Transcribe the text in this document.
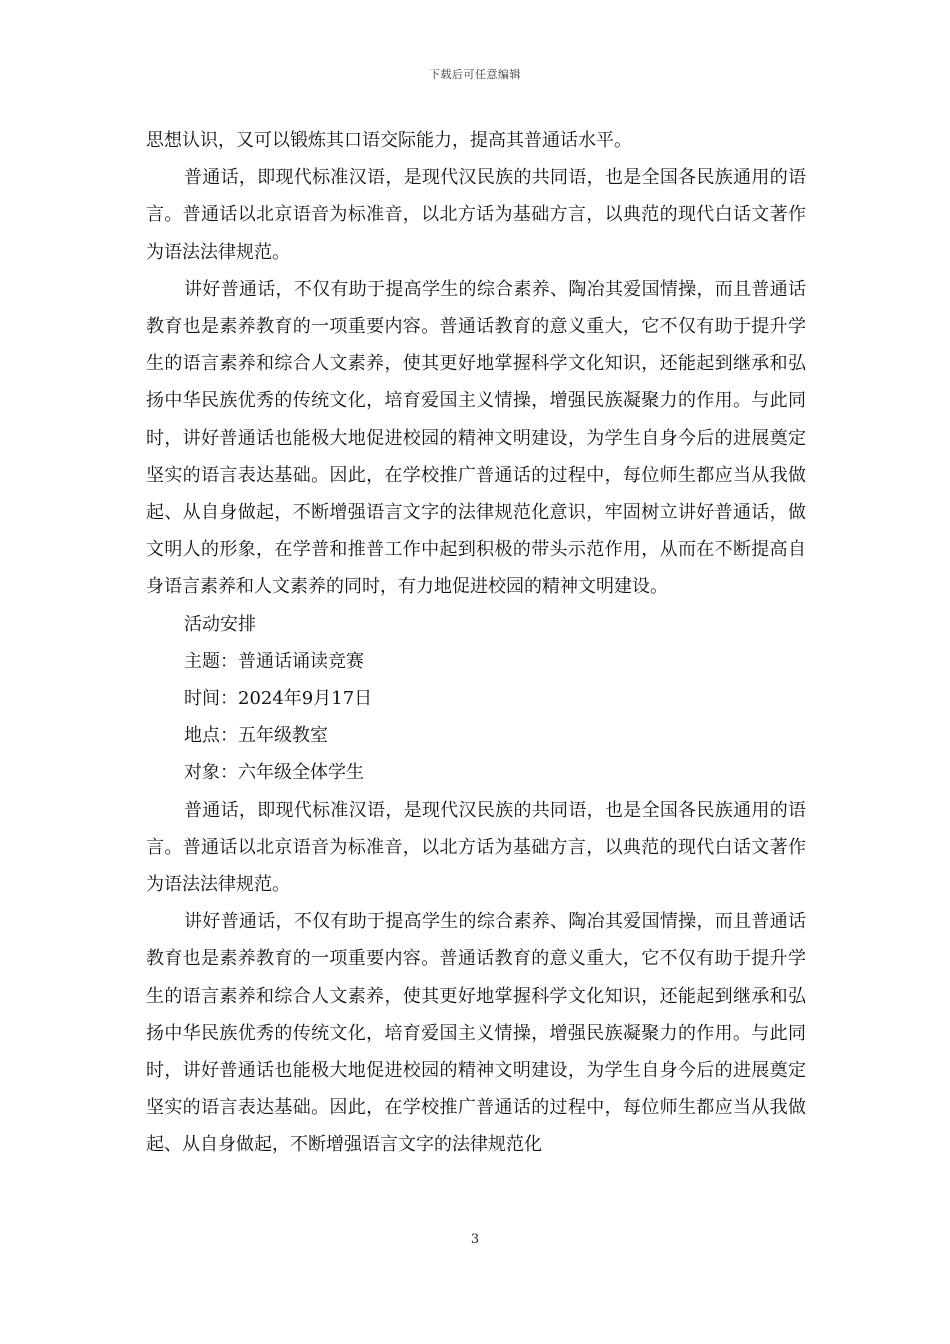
下载后可任意编辑

思想认识，又可以锻炼其口语交际能力，提高其普通话水平。

普通话，即现代标准汉语，是现代汉民族的共同语，也是全国各民族通用的语言。普通话以北京语音为标准音，以北方话为基础方言，以典范的现代白话文著作为语法法律规范。

讲好普通话，不仅有助于提高学生的综合素养、陶冶其爱国情操，而且普通话教育也是素养教育的一项重要内容。普通话教育的意义重大，它不仅有助于提升学生的语言素养和综合人文素养，使其更好地掌握科学文化知识，还能起到继承和弘扬中华民族优秀的传统文化，培育爱国主义情操，增强民族凝聚力的作用。与此同时，讲好普通话也能极大地促进校园的精神文明建设，为学生自身今后的进展奠定坚实的语言表达基础。因此，在学校推广普通话的过程中，每位师生都应当从我做起、从自身做起，不断增强语言文字的法律规范化意识，牢固树立讲好普通话，做文明人的形象，在学普和推普工作中起到积极的带头示范作用，从而在不断提高自身语言素养和人文素养的同时，有力地促进校园的精神文明建设。

活动安排

主题：普通话诵读竞赛

时间：2024年9月17日

地点：五年级教室

对象：六年级全体学生

普通话，即现代标准汉语，是现代汉民族的共同语，也是全国各民族通用的语言。普通话以北京语音为标准音，以北方话为基础方言，以典范的现代白话文著作为语法法律规范。

讲好普通话，不仅有助于提高学生的综合素养、陶冶其爱国情操，而且普通话教育也是素养教育的一项重要内容。普通话教育的意义重大，它不仅有助于提升学生的语言素养和综合人文素养，使其更好地掌握科学文化知识，还能起到继承和弘扬中华民族优秀的传统文化，培育爱国主义情操，增强民族凝聚力的作用。与此同时，讲好普通话也能极大地促进校园的精神文明建设，为学生自身今后的进展奠定坚实的语言表达基础。因此，在学校推广普通话的过程中，每位师生都应当从我做起、从自身做起，不断增强语言文字的法律规范化

3
